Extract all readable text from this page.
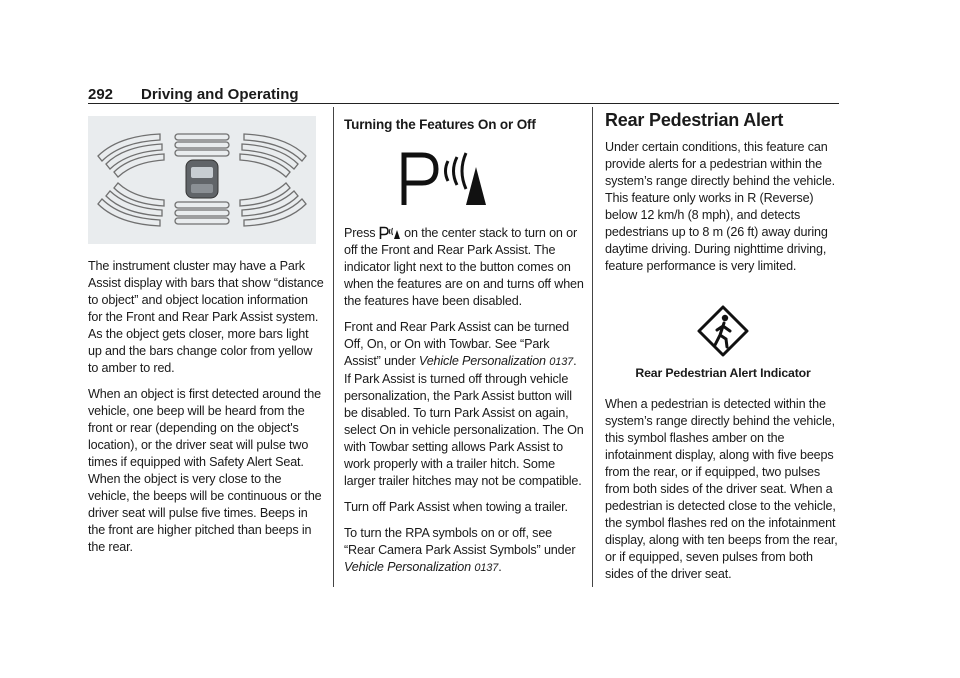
292 Driving and Operating

The instrument cluster may have a Park Assist display with bars that show “distance to object” and object location information for the Front and Rear Park Assist system. As the object gets closer, more bars light up and the bars change color from yellow to amber to red.

When an object is first detected around the vehicle, one beep will be heard from the front or rear (depending on the object's location), or the driver seat will pulse two times if equipped with Safety Alert Seat. When the object is very close to the vehicle, the beeps will be continuous or the driver seat will pulse five times. Beeps in the front are higher pitched than beeps in the rear.

Turning the Features On or Off

Press on the center stack to turn on or off the Front and Rear Park Assist. The indicator light next to the button comes on when the features are on and turns off when the features have been disabled.

Front and Rear Park Assist can be turned Off, On, or On with Towbar. See “Park Assist” under Vehicle Personalization 0137. If Park Assist is turned off through vehicle personalization, the Park Assist button will be disabled. To turn Park Assist on again, select On in vehicle personalization. The On with Towbar setting allows Park Assist to work properly with a trailer hitch. Some larger trailer hitches may not be compatible.

Turn off Park Assist when towing a trailer.

To turn the RPA symbols on or off, see “Rear Camera Park Assist Symbols” under Vehicle Personalization 0137.

Rear Pedestrian Alert

Under certain conditions, this feature can provide alerts for a pedestrian within the system’s range directly behind the vehicle. This feature only works in R (Reverse) below 12 km/h (8 mph), and detects pedestrians up to 8 m (26 ft) away during daytime driving. During nighttime driving, feature performance is very limited.

Rear Pedestrian Alert Indicator

When a pedestrian is detected within the system’s range directly behind the vehicle, this symbol flashes amber on the infotainment display, along with five beeps from the rear, or if equipped, two pulses from both sides of the driver seat. When a pedestrian is detected close to the vehicle, the symbol flashes red on the infotainment display, along with ten beeps from the rear, or if equipped, seven pulses from both sides of the driver seat.
